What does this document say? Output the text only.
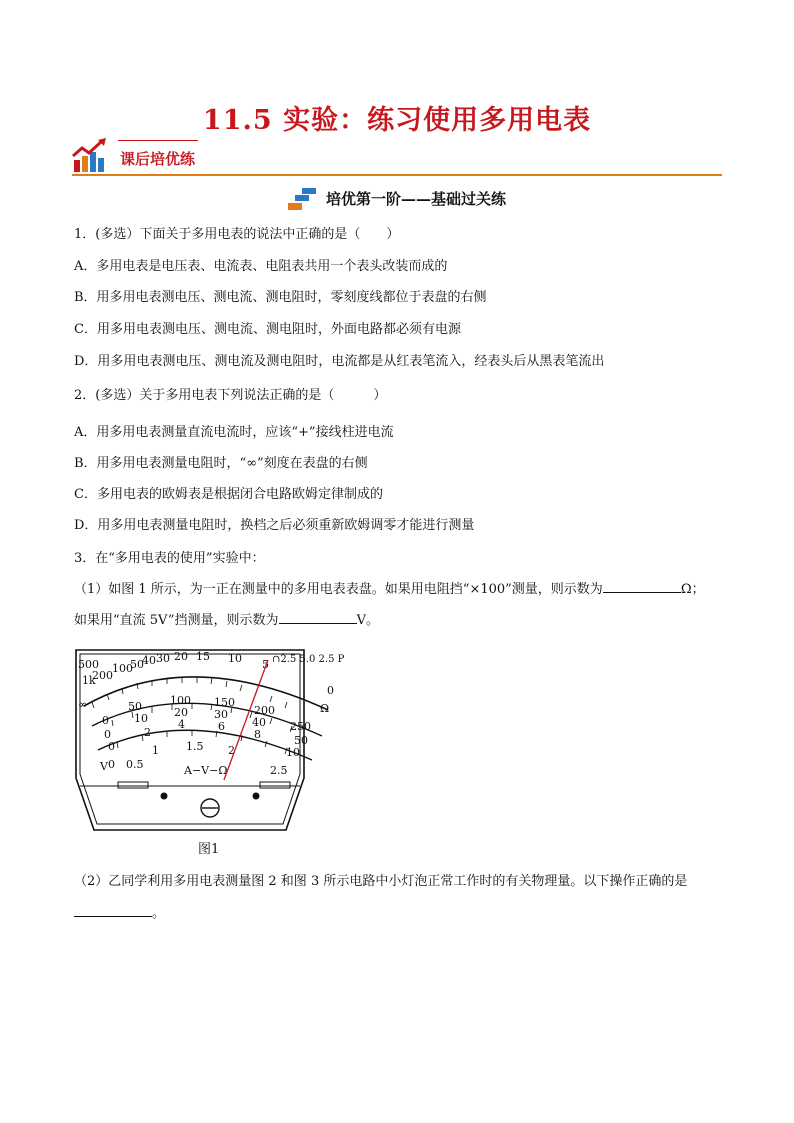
11.5 实验：练习使用多用电表
课后培优练
培优第一阶——基础过关练
1．(多选）下面关于多用电表的说法中正确的是（　　）
A．多用电表是电压表、电流表、电阻表共用一个表头改装而成的
B．用多用电表测电压、测电流、测电阻时，零刻度线都位于表盘的右侧
C．用多用电表测电压、测电流、测电阻时，外面电路都必须有电源
D．用多用电表测电压、测电流及测电阻时，电流都是从红表笔流入，经表头后从黑表笔流出
2．(多选）关于多用电表下列说法正确的是（　　　）
A．用多用电表测量直流电流时，应该“+”接线柱进电流
B．用多用电表测量电阻时，“∞”刻度在表盘的右侧
C．多用电表的欧姆表是根据闭合电路欧姆定律制成的
D．用多用电表测量电阻时，换档之后必须重新欧姆调零才能进行测量
3．在“多用电表的使用”实验中：
（1）如图 1 所示，为一正在测量中的多用电表表盘。如果用电阻挡“×100”测量，则示数为	Ω；
如果用“直流 5V”挡测量，则示数为	V。
500
1k
200
100
50
40 30 20 15 10 5
0
∩2.5 5.0 2.5 P
Ω
∞
0
50	100 150
200
250
0
10 20 30
40
50
0
2
4	6
8
10
V 0 0.5
1 1.5 2
2.5
A−V−Ω
图1
（2）乙同学利用多用电表测量图 2 和图 3 所示电路中小灯泡正常工作时的有关物理量。以下操作正确的是
。
